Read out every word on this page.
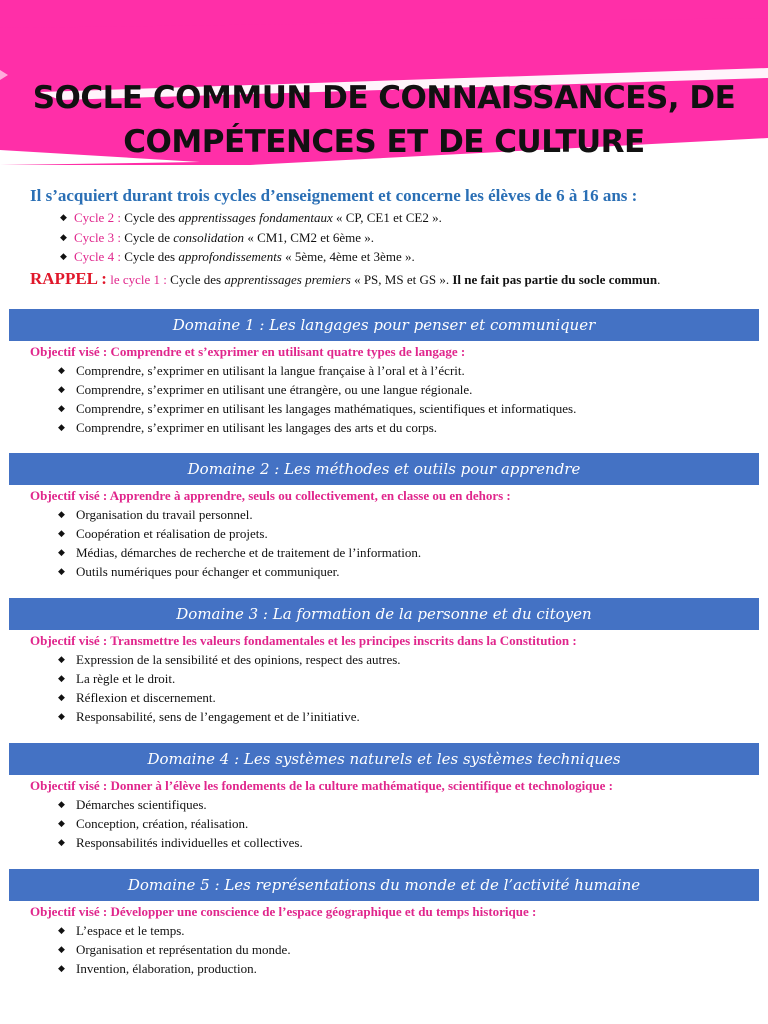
SOCLE COMMUN DE CONNAISSANCES, DE
COMPÉTENCES ET DE CULTURE
Il s’acquiert durant trois cycles d’enseignement et concerne les élèves de 6 à 16 ans :
◆ Cycle 2 : Cycle des apprentissages fondamentaux « CP, CE1 et CE2 ».
◆ Cycle 3 : Cycle de consolidation « CM1, CM2 et 6ème ».
◆ Cycle 4 : Cycle des approfondissements « 5ème, 4ème et 3ème ».
RAPPEL : le cycle 1 : Cycle des apprentissages premiers « PS, MS et GS ». Il ne fait pas partie du socle commun.
Domaine 1 : Les langages pour penser et communiquer
Objectif visé : Comprendre et s’exprimer en utilisant quatre types de langage :
◆ Comprendre, s’exprimer en utilisant la langue française à l’oral et à l’écrit.
◆ Comprendre, s’exprimer en utilisant une étrangère, ou une langue régionale.
◆ Comprendre, s’exprimer en utilisant les langages mathématiques, scientifiques et informatiques.
◆ Comprendre, s’exprimer en utilisant les langages des arts et du corps.
Domaine 2 : Les méthodes et outils pour apprendre
Objectif visé : Apprendre à apprendre, seuls ou collectivement, en classe ou en dehors :
◆ Organisation du travail personnel.
◆ Coopération et réalisation de projets.
◆ Médias, démarches de recherche et de traitement de l’information.
◆ Outils numériques pour échanger et communiquer.
Domaine 3 : La formation de la personne et du citoyen
Objectif visé : Transmettre les valeurs fondamentales et les principes inscrits dans la Constitution :
◆ Expression de la sensibilité et des opinions, respect des autres.
◆ La règle et le droit.
◆ Réflexion et discernement.
◆ Responsabilité, sens de l’engagement et de l’initiative.
Domaine 4 : Les systèmes naturels et les systèmes techniques
Objectif visé : Donner à l’élève les fondements de la culture mathématique, scientifique et technologique :
◆ Démarches scientifiques.
◆ Conception, création, réalisation.
◆ Responsabilités individuelles et collectives.
Domaine 5 : Les représentations du monde et de l’activité humaine
Objectif visé : Développer une conscience de l’espace géographique et du temps historique :
◆ L’espace et le temps.
◆ Organisation et représentation du monde.
◆ Invention, élaboration, production.
